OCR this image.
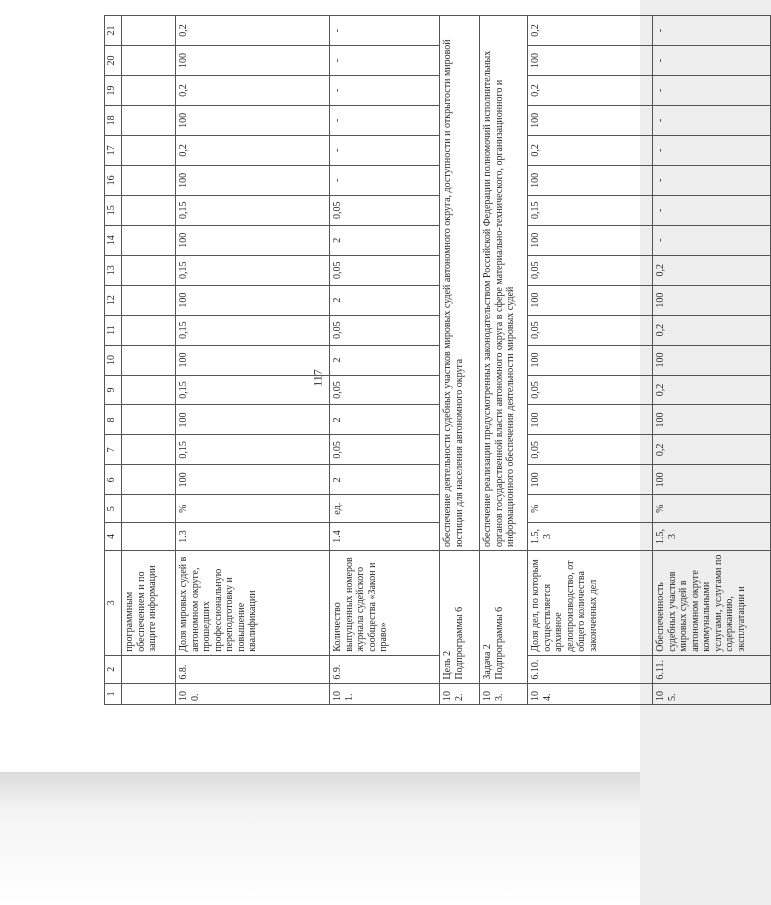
117
1	2	3	4	5	6	7	8	9	10	11	12	13	14	15	16	17	18	19	20	21
		программным обеспечением и по защите информации																		
100.	6.8.	Доля мировых судей в автономном округе, прошедших профессиональную переподготовку и повышение квалификации	1.3	%	100	0,15	100	0,15	100	0,15	100	0,15	100	0,15	100	0,2	100	0,2	100	0,2
101.	6.9.	Количество выпущенных номеров журнала судейского сообщества «Закон и право»	1.4	ед.	2	0,05	2	0,05	2	0,05	2	0,05	2	0,05	-	-	-	-	-	-
102.	Цель 2
Подпрограммы 6		обеспечение деятельности судебных участков мировых судей автономного округа, доступности и открытости мировой юстиции для населения автономного округа																	
103.	Задача 2
Подпрограммы 6		обеспечение реализации предусмотренных законодательством Российской Федерации полномочий исполнительных органов государственной власти автономного округа в сфере материально-технического, организационного и информационного обеспечения деятельности мировых судей																	
104.	6.10.	Доля дел, по которым осуществляется архивное делопроизводство, от общего количества законченных дел	1.5, 3	%	100	0,05	100	0,05	100	0,05	100	0,05	100	0,15	100	0,2	100	0,2	100	0,2
105.	6.11.	Обеспеченность судебных участков мировых судей в автономном округе коммунальными услугами, услугами по содержанию, эксплуатации и	1.5, 3	%	100	0,2	100	0,2	100	0,2	100	0,2	-	-	-	-	-	-	-	-
